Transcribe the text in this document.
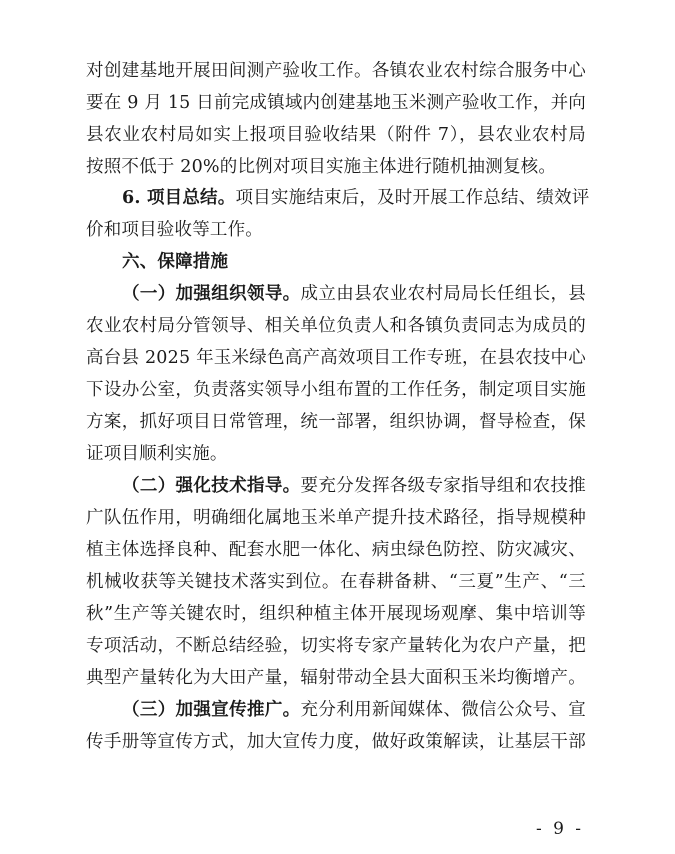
对创建基地开展田间测产验收工作。各镇农业农村综合服务中心
要在 9 月 15 日前完成镇域内创建基地玉米测产验收工作，并向
县农业农村局如实上报项目验收结果（附件 7），县农业农村局
按照不低于 20%的比例对项目实施主体进行随机抽测复核。
6. 项目总结。项目实施结束后，及时开展工作总结、绩效评
价和项目验收等工作。
六、保障措施
（一）加强组织领导。成立由县农业农村局局长任组长，县
农业农村局分管领导、相关单位负责人和各镇负责同志为成员的
高台县 2025 年玉米绿色高产高效项目工作专班，在县农技中心
下设办公室，负责落实领导小组布置的工作任务，制定项目实施
方案，抓好项目日常管理，统一部署，组织协调，督导检查，保
证项目顺利实施。
（二）强化技术指导。要充分发挥各级专家指导组和农技推
广队伍作用，明确细化属地玉米单产提升技术路径，指导规模种
植主体选择良种、配套水肥一体化、病虫绿色防控、防灾减灾、
机械收获等关键技术落实到位。在春耕备耕、“三夏”生产、“三
秋”生产等关键农时，组织种植主体开展现场观摩、集中培训等
专项活动，不断总结经验，切实将专家产量转化为农户产量，把
典型产量转化为大田产量，辐射带动全县大面积玉米均衡增产。
（三）加强宣传推广。充分利用新闻媒体、微信公众号、宣
传手册等宣传方式，加大宣传力度，做好政策解读，让基层干部
- 9 -
